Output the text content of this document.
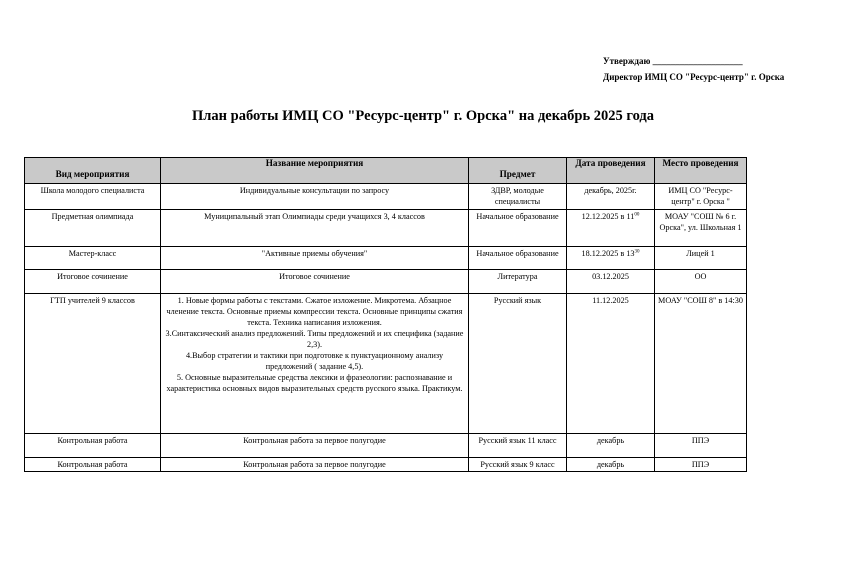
Утверждаю ____________________
Директор ИМЦ СО "Ресурс-центр" г. Орска
План работы ИМЦ СО "Ресурс-центр" г. Орска" на декабрь 2025 года
Вид мероприятия	Название мероприятия	Предмет	Дата проведения	Место проведения
Школа молодого специалиста	Индивидуальные консультации по запросу	ЗДВР, молодые специалисты	декабрь, 2025г.	ИМЦ СО "Ресурс-центр" г. Орска "
Предметная олимпиада	Муниципальный этап Олимпиады среди учащихся 3, 4 классов	Начальное образование	12.12.2025 в $11^{00}$	МОАУ "СОШ № 6 г. Орска", ул. Школьная 1
Мастер-класс	"Активные приемы обучения"	Начальное образование	18.12.2025 в $13^{30}$	Лицей 1
Итоговое сочинение	Итоговое сочинение	Литература	03.12.2025	ОО
ГТП учителей 9 классов	1. Новые формы работы с текстами. Сжатое изложение. Микротема. Абзацное членение текста. Основные приемы компрессии текста. Основные принципы сжатия текста. Техника написания изложения.

3.Синтаксический анализ предложений. Типы предложений и их специфика (задание 2,3).

4.Выбор стратегии и тактики при подготовке к пунктуационному анализу предложений ( задание 4,5).

5. Основные выразительные средства лексики и фразеологии: распознавание и характеристика основных видов выразительных средств русского языка. Практикум.	Русский язык	11.12.2025	МОАУ "СОШ 8" в 14:30
Контрольная работа	Контрольная работа за первое полугодие	Русский язык 11 класс	декабрь	ППЭ
Контрольная работа	Контрольная работа за первое полугодие	Русский язык 9 класс	декабрь	ППЭ
